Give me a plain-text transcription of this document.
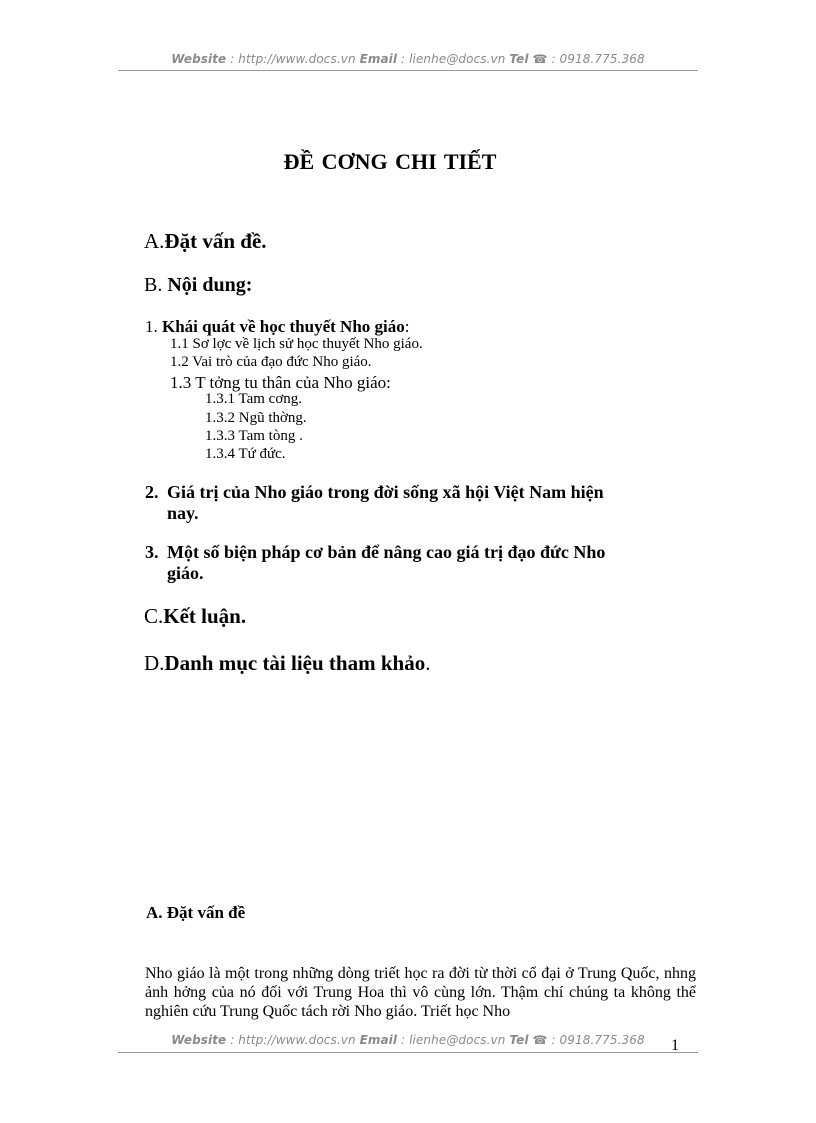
Website : http://www.docs.vn Email : lienhe@docs.vn Tel ☎ : 0918.775.368
ĐỀ CƠNG CHI TIẾT
A.Đặt vấn đề.
B. Nội dung:
1. Khái quát về học thuyết Nho giáo:
1.1 Sơ lợc về lịch sử học thuyết Nho giáo.
1.2 Vai trò của đạo đức Nho giáo.
1.3 T tởng tu thân của Nho giáo:
1.3.1 Tam cơng.
1.3.2 Ngũ thờng.
1.3.3 Tam tòng .
1.3.4 Tứ đức.
2. Giá trị của Nho giáo trong đời sống xã hội Việt Nam hiện
nay.
3. Một số biện pháp cơ bản để nâng cao giá trị đạo đức Nho
giáo.
C.Kết luận.
D.Danh mục tài liệu tham khảo.
A. Đặt vấn đề
Nho giáo là một trong những dòng triết học ra đời từ thời cổ đại ở Trung Quốc, nhng ảnh hởng của nó đối với Trung Hoa thì vô cùng lớn. Thậm chí chúng ta không thể nghiên cứu Trung Quốc tách rời Nho giáo. Triết học Nho
Website : http://www.docs.vn Email : lienhe@docs.vn Tel ☎ : 0918.775.368	1
